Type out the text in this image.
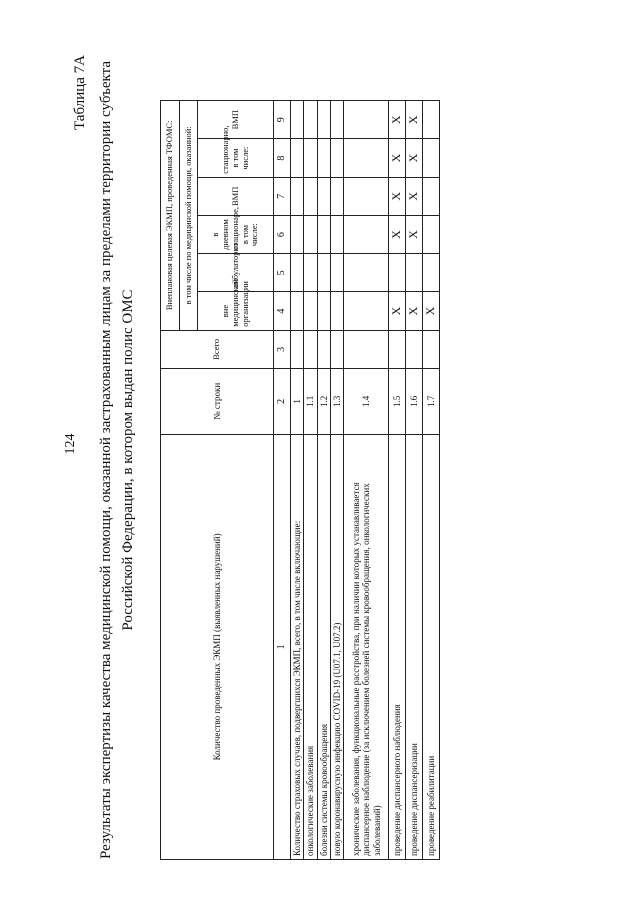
124
Таблица 7А Результаты экспертизы качества медицинской помощи, оказанной застрахованным лицам за пределами территории субъекта Российской Федерации, в котором выдан полис ОМС
Количество проведенных ЭКМП (выявленных нарушений)	№ строки	Всего	Внеплановая целевая ЭКМП, проведенная ТФОМС:					
			в том числе по медицинской помощи, оказанной:					
			вне медицинской организации	амбулаторно	в дневном стационаре, в том числе:	ВМП	стационарно, в том числе:	ВМП
1	2	3	4	5	6	7	8	9
Количество страховых случаев, подвергшихся ЭКМП, всего, в том числе включающие:	1							
онкологические заболевания	1.1							
болезни системы кровообращения	1.2							
новую коронавирусную инфекцию COVID-19 (U07.1, U07.2)	1.3							
хронические заболевания, функциональные расстройства, при наличии которых устанавливается диспансерное наблюдение (за исключением болезней системы кровообращения, онкологических заболеваний)	1.4							
проведение диспансерного наблюдения	1.5		X		X	X	X	X
проведение диспансеризации	1.6		X		X	X	X	X
проведение реабилитации	1.7		X					
